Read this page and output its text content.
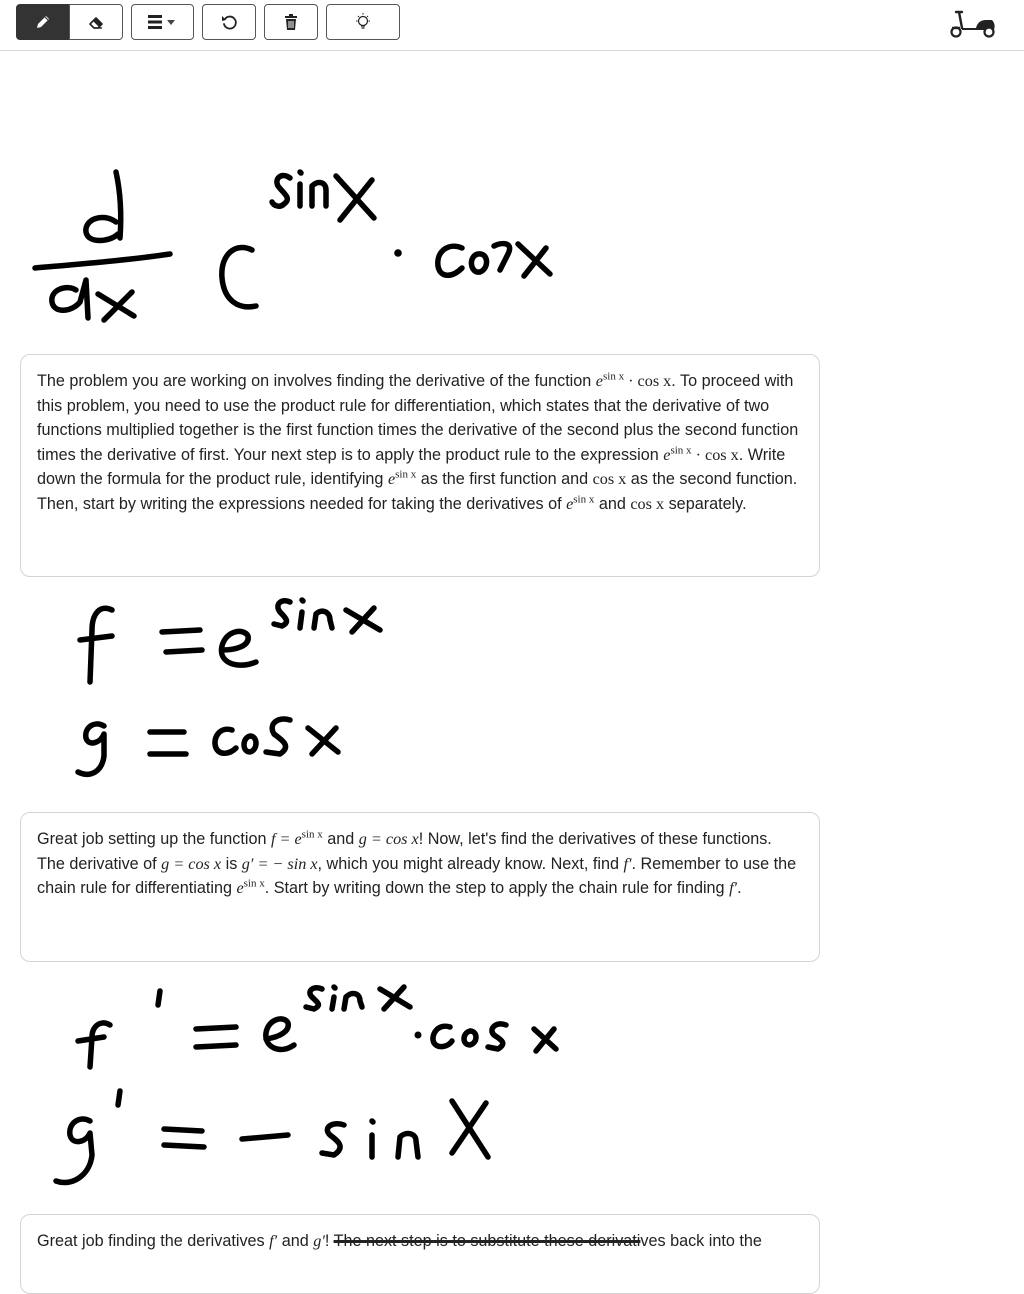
The problem you are working on involves finding the derivative of the function $e^{sin x} \cdot \cos x$. To proceed with this problem, you need to use the product rule for differentiation, which states that the derivative of two functions multiplied together is the first function times the derivative of the second plus the second function times the derivative of first. Your next step is to apply the product rule to the expression $e^{sin x} \cdot \cos x$. Write down the formula for the product rule, identifying $e^{sin x}$ as the first function and cos x as the second function. Then, start by writing the expressions needed for taking the derivatives of $e^{sin x}$ and cos x separately.

Great job setting up the function $f = e^{sin x}$ and g = cos x! Now, let's find the derivatives of these functions. The derivative of g = cos x is g′ = − sin x, which you might already know. Next, find f′. Remember to use the chain rule for differentiating $e^{sin x}$. Start by writing down the step to apply the chain rule for finding f′.

Great job finding the derivatives f′ and g′! The next step is to substitute these derivatives back into the
